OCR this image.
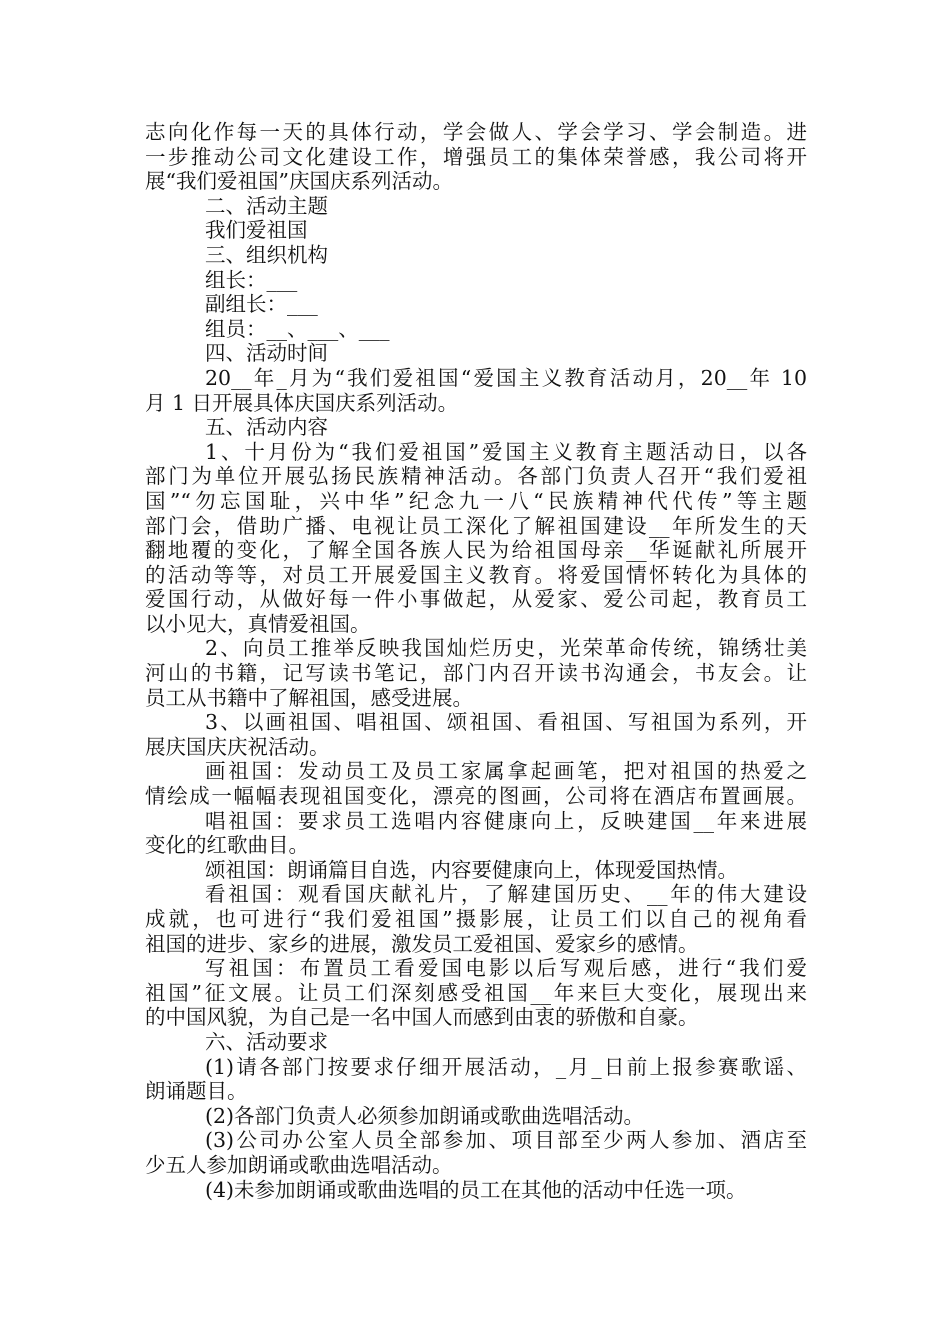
志向化作每一天的具体行动，学会做人、学会学习、学会制造。进
一步推动公司文化建设工作，增强员工的集体荣誉感，我公司将开
展“我们爱祖国”庆国庆系列活动。
二、活动主题
我们爱祖国
三、组织机构
组长：___
副组长：___
组员：__、___、___
四、活动时间
20__年_月为“我们爱祖国“爱国主义教育活动月，20__年 10
月 1 日开展具体庆国庆系列活动。
五、活动内容
1、十月份为“我们爱祖国”爱国主义教育主题活动日，以各
部门为单位开展弘扬民族精神活动。各部门负责人召开“我们爱祖
国”“勿忘国耻，兴中华”纪念九一八“民族精神代代传”等主题
部门会，借助广播、电视让员工深化了解祖国建设__年所发生的天
翻地覆的变化，了解全国各族人民为给祖国母亲__华诞献礼所展开
的活动等等，对员工开展爱国主义教育。将爱国情怀转化为具体的
爱国行动，从做好每一件小事做起，从爱家、爱公司起，教育员工
以小见大，真情爱祖国。
2、向员工推举反映我国灿烂历史，光荣革命传统，锦绣壮美
河山的书籍，记写读书笔记，部门内召开读书沟通会，书友会。让
员工从书籍中了解祖国，感受进展。
3、以画祖国、唱祖国、颂祖国、看祖国、写祖国为系列，开
展庆国庆庆祝活动。
画祖国：发动员工及员工家属拿起画笔，把对祖国的热爱之
情绘成一幅幅表现祖国变化，漂亮的图画，公司将在酒店布置画展。
唱祖国：要求员工选唱内容健康向上，反映建国__年来进展
变化的红歌曲目。
颂祖国：朗诵篇目自选，内容要健康向上，体现爱国热情。
看祖国：观看国庆献礼片，了解建国历史、__年的伟大建设
成就，也可进行“我们爱祖国”摄影展，让员工们以自己的视角看
祖国的进步、家乡的进展，激发员工爱祖国、爱家乡的感情。
写祖国：布置员工看爱国电影以后写观后感，进行“我们爱
祖国”征文展。让员工们深刻感受祖国__年来巨大变化，展现出来
的中国风貌，为自己是一名中国人而感到由衷的骄傲和自豪。
六、活动要求
(1)请各部门按要求仔细开展活动，_月_日前上报参赛歌谣、
朗诵题目。
(2)各部门负责人必须参加朗诵或歌曲选唱活动。
(3)公司办公室人员全部参加、项目部至少两人参加、酒店至
少五人参加朗诵或歌曲选唱活动。
(4)未参加朗诵或歌曲选唱的员工在其他的活动中任选一项。
